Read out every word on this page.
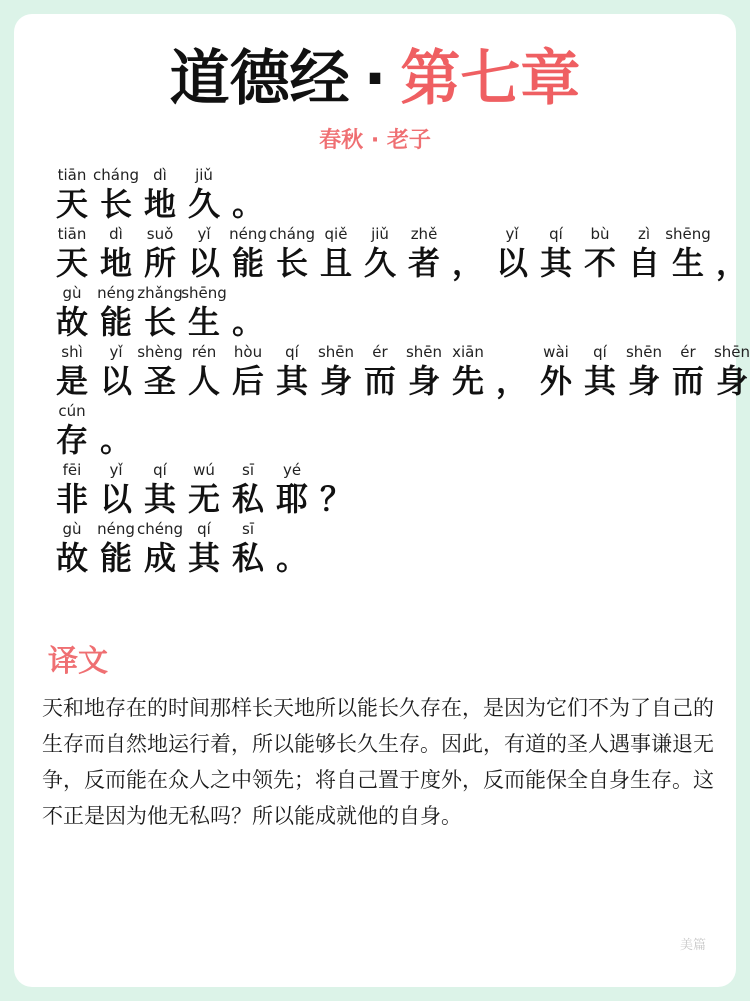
道德经 · 第七章
春秋 · 老子
tiān
天
cháng
长
dì
地
jiǔ
久 。
tiān
天
dì
地
suǒ
所
yǐ
以
néng
能
cháng
长
qiě
且
jiǔ
久
zhě
者 ，
yǐ
以
qí
其
bù
不
zì
自
shēng
生 ，
gù
故
néng
能
zhǎng
长
shēng
生 。
shì
是
yǐ
以
shèng
圣
rén
人
hòu
后
qí
其
shēn
身
ér
而
shēn
身
xiān
先 ，
wài
外
qí
其
shēn
身
ér
而
shēn
身
cún
存 。
fēi
非
yǐ
以
qí
其
wú
无
sī
私
yé
耶 ？
gù
故
néng
能
chéng
成
qí
其
sī
私 。
译文
天和地存在的时间那样长天地所以能长久存在，是因为它们不为了自己的生存而自然地运行着，所以能够长久生存。因此，有道的圣人遇事谦退无争，反而能在众人之中领先；将自己置于度外，反而能保全自身生存。这不正是因为他无私吗？所以能成就他的自身。
美篇
